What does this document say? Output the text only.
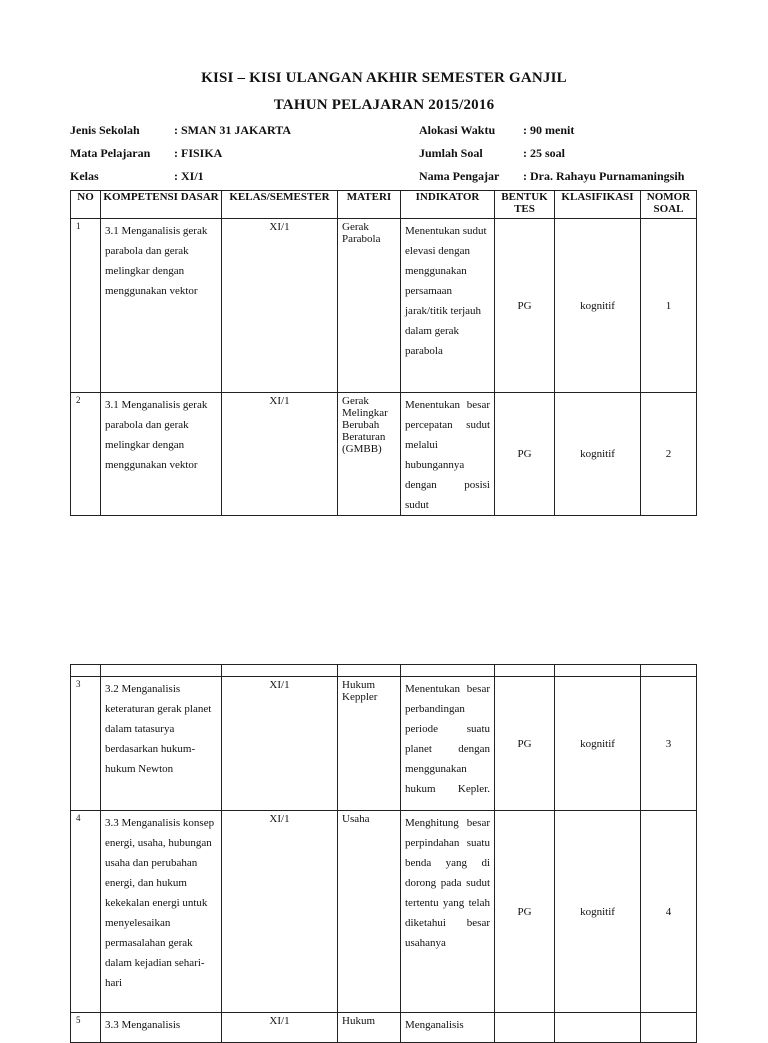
KISI – KISI ULANGAN AKHIR SEMESTER GANJIL
TAHUN PELAJARAN 2015/2016
Jenis Sekolah	: SMAN 31 JAKARTA
Mata Pelajaran : FISIKA
Kelas	: XI/1
Alokasi Waktu : 90 menit
Jumlah Soal	: 25 soal
Nama Pengajar : Dra. Rahayu Purnamaningsih
NO	KOMPETENSI DASAR	KELAS/SEMESTER	MATERI	INDIKATOR	BENTUK TES	KLASIFIKASI	NOMOR SOAL
1	3.1 Menganalisis gerak parabola dan gerak melingkar dengan menggunakan vektor	XI/1	Gerak Parabola	Menentukan sudut elevasi dengan menggunakan persamaan jarak/titik terjauh dalam gerak parabola	PG	kognitif	1
2	3.1 Menganalisis gerak parabola dan gerak melingkar dengan menggunakan vektor	XI/1	Gerak Melingkar Berubah Beraturan (GMBB)	Menentukan besar percepatan sudut melalui hubungannya dengan posisi sudut	PG	kognitif	2

3	3.2 Menganalisis keteraturan gerak planet dalam tatasurya berdasarkan hukum-hukum Newton	XI/1	Hukum Keppler	Menentukan besar perbandingan periode suatu planet dengan menggunakan hukum Kepler.	PG	kognitif	3
4	3.3 Menganalisis konsep energi, usaha, hubungan usaha dan perubahan energi, dan hukum kekekalan energi untuk menyelesaikan permasalahan gerak dalam kejadian sehari-hari	XI/1	Usaha	Menghitung besar perpindahan suatu benda yang di dorong pada sudut tertentu yang telah diketahui besar usahanya	PG	kognitif	4
5	3.3 Menganalisis	XI/1	Hukum	Menganalisis			
